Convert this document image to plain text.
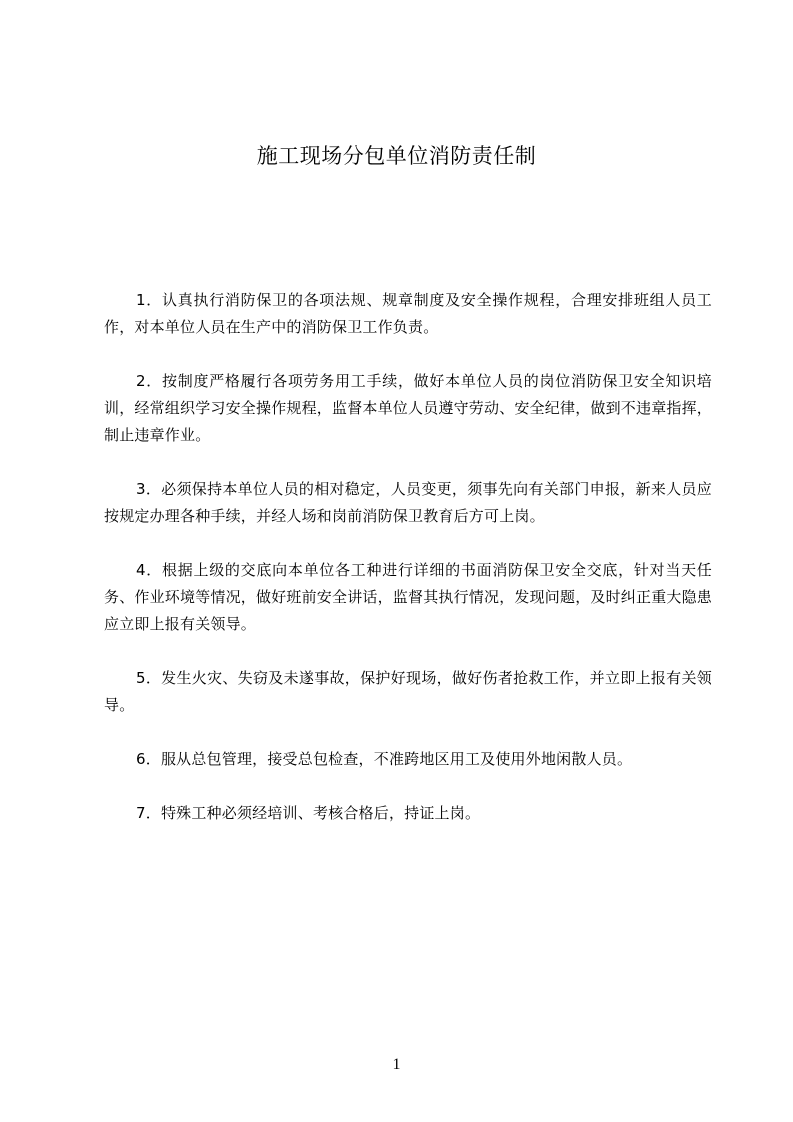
施工现场分包单位消防责任制

1．认真执行消防保卫的各项法规、规章制度及安全操作规程，合理安排班组人员工作，对本单位人员在生产中的消防保卫工作负责。

2．按制度严格履行各项劳务用工手续，做好本单位人员的岗位消防保卫安全知识培训，经常组织学习安全操作规程，监督本单位人员遵守劳动、安全纪律，做到不违章指挥，制止违章作业。

3．必须保持本单位人员的相对稳定，人员变更，须事先向有关部门申报，新来人员应按规定办理各种手续，并经人场和岗前消防保卫教育后方可上岗。

4．根据上级的交底向本单位各工种进行详细的书面消防保卫安全交底，针对当天任务、作业环境等情况，做好班前安全讲话，监督其执行情况，发现问题，及时纠正重大隐患应立即上报有关领导。

5．发生火灾、失窃及未遂事故，保护好现场，做好伤者抢救工作，并立即上报有关领导。

6．服从总包管理，接受总包检查，不准跨地区用工及使用外地闲散人员。

7．特殊工种必须经培训、考核合格后，持证上岗。

1
